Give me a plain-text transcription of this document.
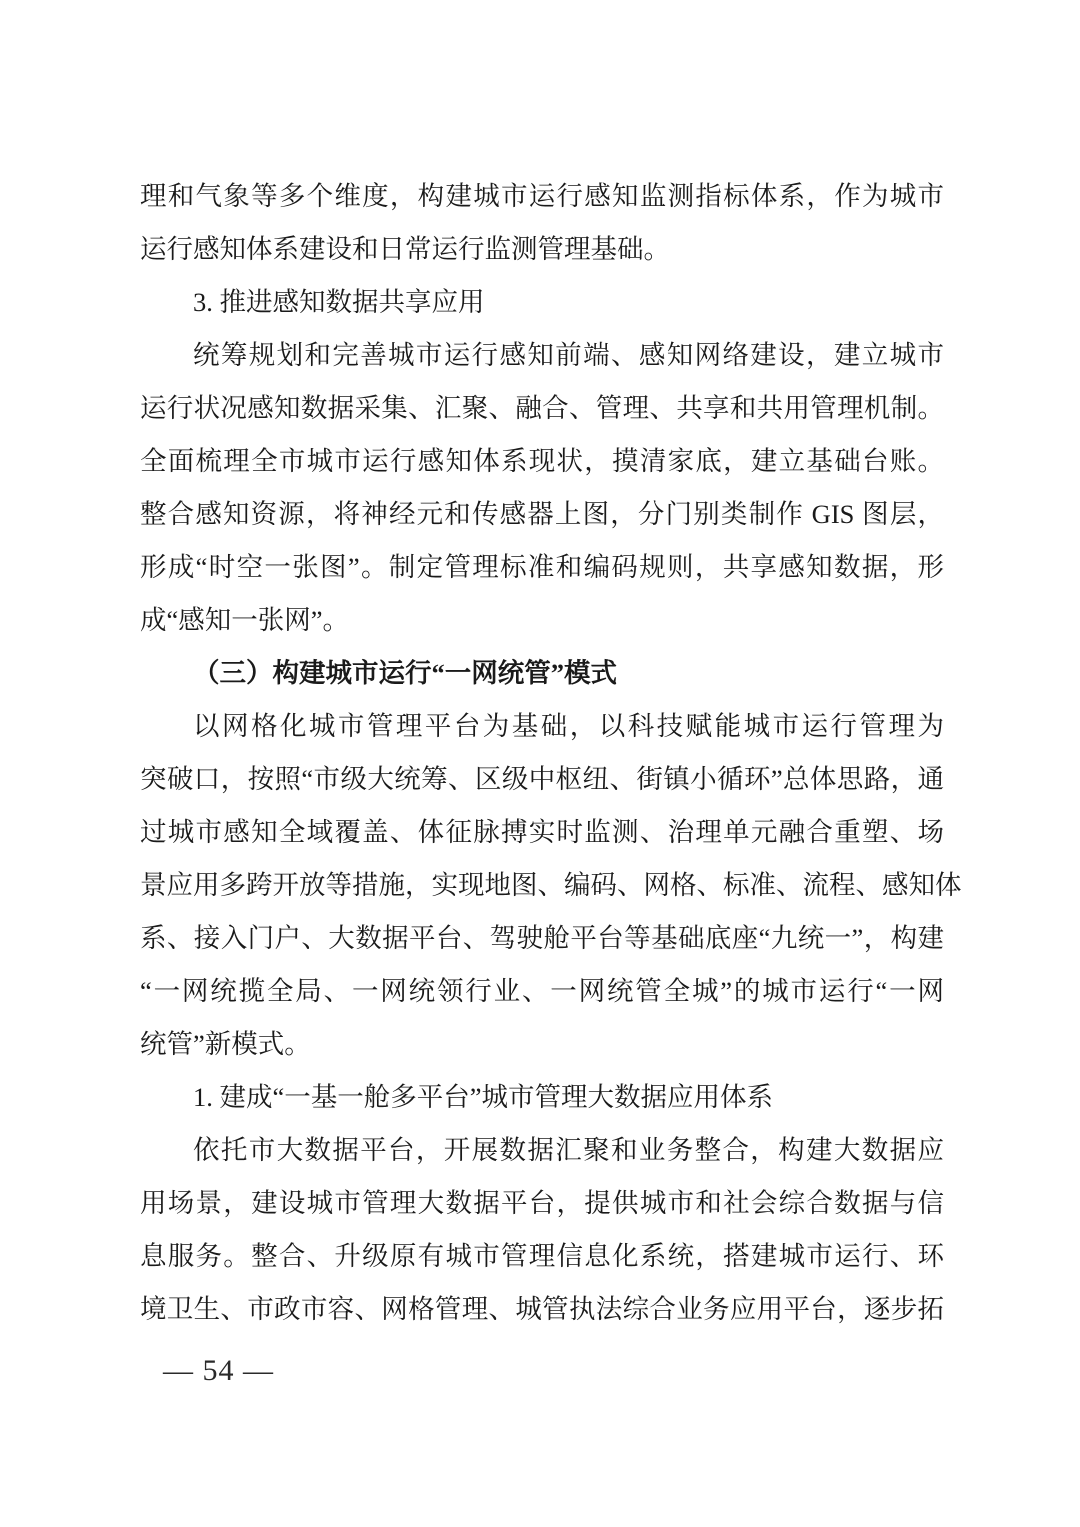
理和气象等多个维度，构建城市运行感知监测指标体系，作为城市
运行感知体系建设和日常运行监测管理基础。
3. 推进感知数据共享应用
统筹规划和完善城市运行感知前端、感知网络建设，建立城市
运行状况感知数据采集、汇聚、融合、管理、共享和共用管理机制。
全面梳理全市城市运行感知体系现状，摸清家底，建立基础台账。
整合感知资源，将神经元和传感器上图，分门别类制作 GIS 图层，
形成“时空一张图”。制定管理标准和编码规则，共享感知数据，形
成“感知一张网”。
（三）构建城市运行“一网统管”模式
以网格化城市管理平台为基础，以科技赋能城市运行管理为
突破口，按照“市级大统筹、区级中枢纽、街镇小循环”总体思路，通
过城市感知全域覆盖、体征脉搏实时监测、治理单元融合重塑、场
景应用多跨开放等措施，实现地图、编码、网格、标准、流程、感知体
系、接入门户、大数据平台、驾驶舱平台等基础底座“九统一”，构建
“一网统揽全局、一网统领行业、一网统管全城”的城市运行“一网
统管”新模式。
1. 建成“一基一舱多平台”城市管理大数据应用体系
依托市大数据平台，开展数据汇聚和业务整合，构建大数据应
用场景，建设城市管理大数据平台，提供城市和社会综合数据与信
息服务。整合、升级原有城市管理信息化系统，搭建城市运行、环
境卫生、市政市容、网格管理、城管执法综合业务应用平台，逐步拓
— 54 —
